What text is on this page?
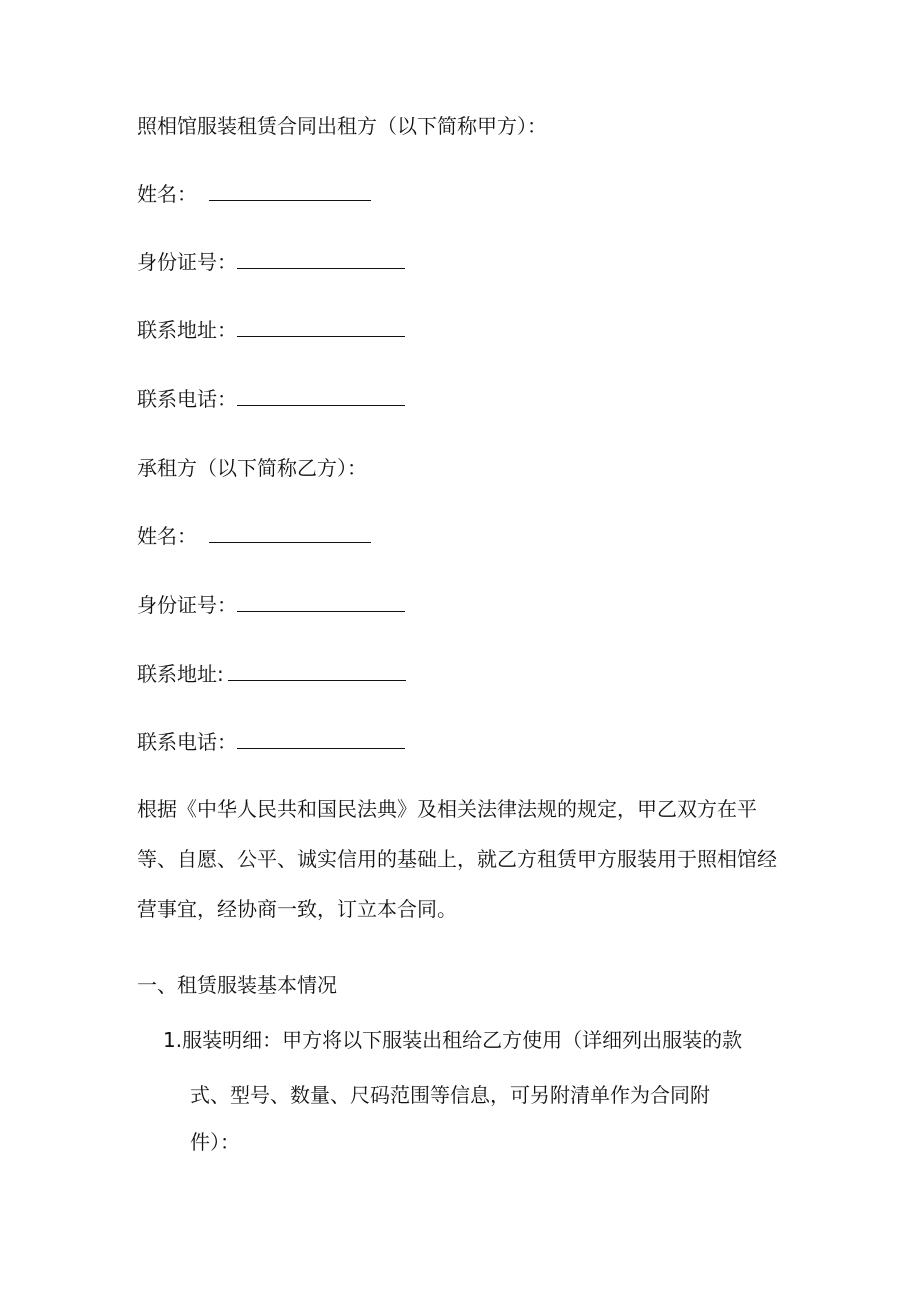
照相馆服装租赁合同出租方（以下简称甲方）：
姓名：
身份证号：
联系地址：
联系电话：
承租方（以下简称乙方）：
姓名：
身份证号：
联系地址:
联系电话：
根据《中华人民共和国民法典》及相关法律法规的规定，甲乙双方在平
等、自愿、公平、诚实信用的基础上，就乙方租赁甲方服装用于照相馆经
营事宜，经协商一致，订立本合同。
一、租赁服装基本情况
1.服装明细：甲方将以下服装出租给乙方使用（详细列出服装的款
式、型号、数量、尺码范围等信息，可另附清单作为合同附
件）：
